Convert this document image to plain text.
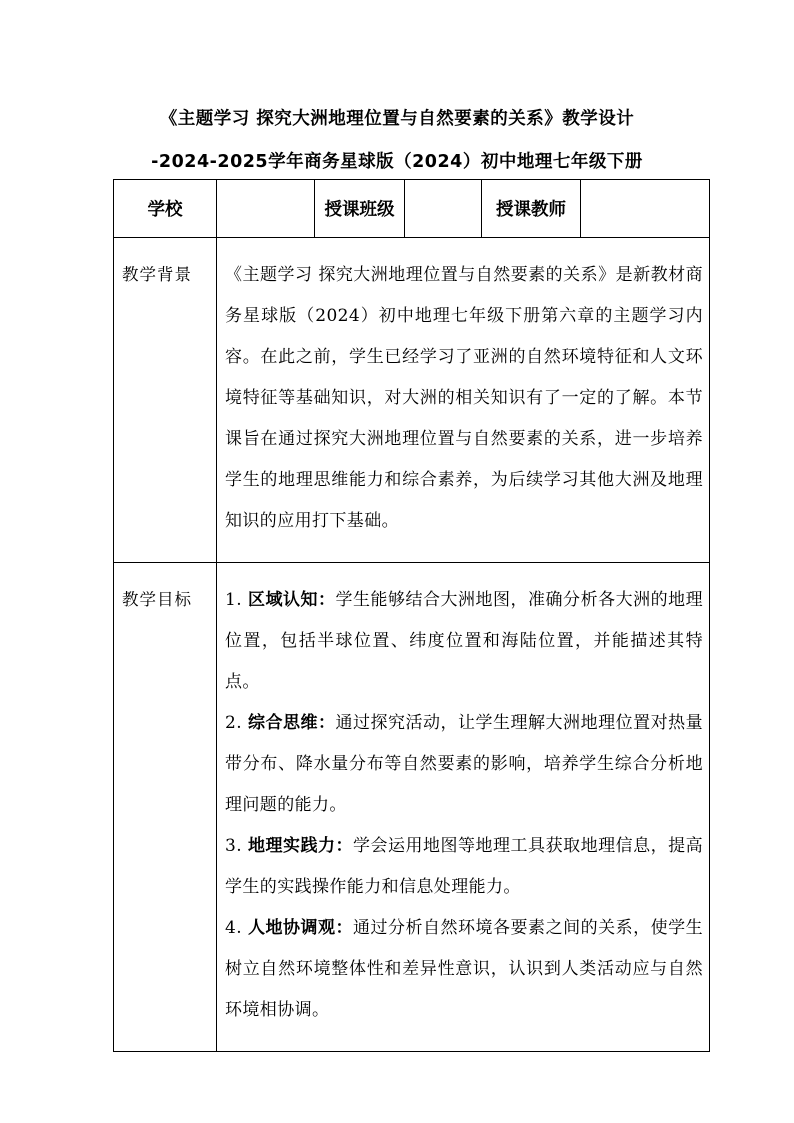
《主题学习 探究大洲地理位置与自然要素的关系》教学设计
-2024-2025学年商务星球版（2024）初中地理七年级下册
学校		授课班级		授课教师	
教学背景	《主题学习 探究大洲地理位置与自然要素的关系》是新教材商务星球版（2024）初中地理七年级下册第六章的主题学习内容。在此之前，学生已经学习了亚洲的自然环境特征和人文环境特征等基础知识，对大洲的相关知识有了一定的了解。本节课旨在通过探究大洲地理位置与自然要素的关系，进一步培养学生的地理思维能力和综合素养，为后续学习其他大洲及地理知识的应用打下基础。				

教学目标	1. 区域认知：学生能够结合大洲地图，准确分析各大洲的地理位置，包括半球位置、纬度位置和海陆位置，并能描述其特点。

2. 综合思维：通过探究活动，让学生理解大洲地理位置对热量带分布、降水量分布等自然要素的影响，培养学生综合分析地理问题的能力。

3. 地理实践力：学会运用地图等地理工具获取地理信息，提高学生的实践操作能力和信息处理能力。

4. 人地协调观：通过分析自然环境各要素之间的关系，使学生树立自然环境整体性和差异性意识，认识到人类活动应与自然环境相协调。				
